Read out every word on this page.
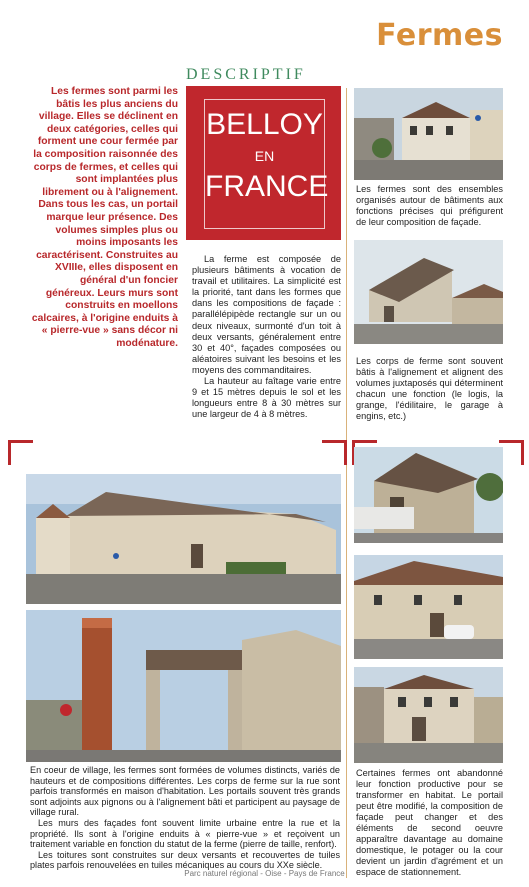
Fermes
DESCRIPTIF
Les fermes sont parmi les bâtis les plus anciens du village. Elles se déclinent en deux catégories, celles qui forment une cour fermée par la composition raisonnée des corps de fermes, et celles qui sont implantées plus librement ou à l'alignement. Dans tous les cas, un portail marque leur présence. Des volumes simples plus ou moins imposants les caractérisent. Construites au XVIIIe, elles disposent en général d'un foncier généreux. Leurs murs sont construits en moellons calcaires, à l'origine enduits à « pierre-vue » sans décor ni modénature.
BELLOY
EN
FRANCE

La ferme est composée de plusieurs bâtiments à vocation de travail et utilitaires. La simplicité est la priorité, tant dans les formes que dans les compositions de façade : parallélépipède rectangle sur un ou deux niveaux, surmonté d'un toit à deux versants, généralement entre 30 et 40°, façades composées ou aléatoires suivant les besoins et les moyens des commanditaires.

La hauteur au faîtage varie entre 9 et 15 mètres depuis le sol et les longueurs entre 8 à 30 mètres sur une largeur de 4 à 8 mètres.

Les fermes sont des ensembles organisés autour de bâtiments aux fonctions précises qui préfigurent de leur composition de façade.
Les corps de ferme sont souvent bâtis à l'alignement et alignent des volumes juxtaposés qui déterminent chacun une fonction (le logis, la grange, l'édilitaire, le garage à engins, etc.)

En coeur de village, les fermes sont formées de volumes distincts, variés de hauteurs et de compositions différentes. Les corps de ferme sur la rue sont parfois transformés en maison d'habitation. Les portails souvent très grands sont adjoints aux pignons ou à l'alignement bâti et participent au paysage de village rural.

Les murs des façades font souvent limite urbaine entre la rue et la propriété. Ils sont à l'origine enduits à « pierre-vue » et reçoivent un traitement variable en fonction du statut de la ferme (pierre de taille, renfort).

Les toitures sont construites sur deux versants et recouvertes de tuiles plates parfois renouvelées en tuiles mécaniques au cours du XXe siècle.

Certaines fermes ont abandonné leur fonction productive pour se transformer en habitat. Le portail peut être modifié, la composition de façade peut changer et des éléments de second oeuvre apparaître davantage au domaine domestique, le potager ou la cour devient un jardin d'agrément et un espace de stationnement.
Parc naturel régional - Oise - Pays de France
